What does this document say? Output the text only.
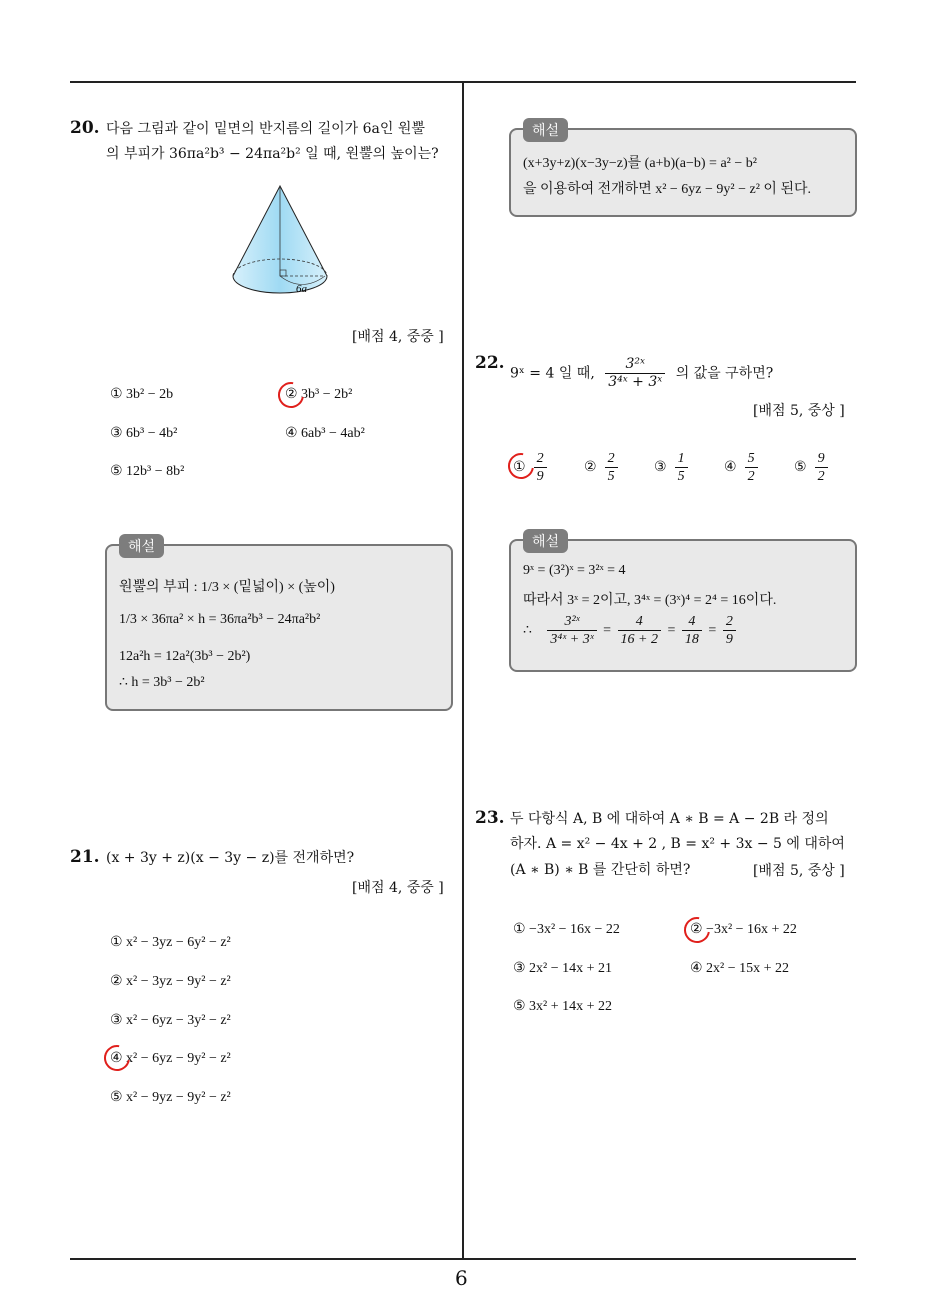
6
20. 다음 그림과 같이 밑면의 반지름의 길이가 6a인 원뿔
의 부피가 36πa²b³ − 24πa²b² 일 때, 원뿔의 높이는?
6a
[배점 4, 중중 ]
① 3b² − 2b	② 3b³ − 2b²
③ 6b³ − 4b²	④ 6ab³ − 4ab²
⑤ 12b³ − 8b²
해설
원뿔의 부피 : 1/3 × (밑넓이) × (높이)
1/3 × 36πa² × h = 36πa²b³ − 24πa²b²
12a²h = 12a²(3b³ − 2b²)
∴ h = 3b³ − 2b²
21. (x + 3y + z)(x − 3y − z)를 전개하면?
[배점 4, 중중 ]
① x² − 3yz − 6y² − z²
② x² − 3yz − 9y² − z²
③ x² − 6yz − 3y² − z²
④ x² − 6yz − 9y² − z²
⑤ x² − 9yz − 9y² − z²
해설
(x+3y+z)(x−3y−z)를 (a+b)(a−b) = a² − b²
을 이용하여 전개하면 x² − 6yz − 9y² − z² 이 된다.
22.
9ˣ = 4 일 때, $\frac{\text{3²ˣ}}{\text{3⁴ˣ + 3ˣ}}$ 의 값을 구하면?
[배점 5, 중상 ]
① $\frac{2}{9}$	② $\frac{2}{5}$	③ $\frac{1}{5}$	④ $\frac{5}{2}$	⑤ $\frac{9}{2}$
해설
9ˣ = (3²)ˣ = 3²ˣ = 4
따라서 3ˣ = 2이고, 3⁴ˣ = (3ˣ)⁴ = 2⁴ = 16이다.
∴ $\frac{\text{3²ˣ}}{\text{3⁴ˣ + 3ˣ}} = \frac{4}{16 + 2} = \frac{4}{18} = \frac{2}{9}$
23. 두 다항식 A, B 에 대하여 A ∗ B = A − 2B 라 정의
하자. A = x² − 4x + 2 , B = x² + 3x − 5 에 대하여
(A ∗ B) ∗ B 를 간단히 하면?	[배점 5, 중상 ]
① −3x² − 16x − 22	② −3x² − 16x + 22
③ 2x² − 14x + 21	④ 2x² − 15x + 22
⑤ 3x² + 14x + 22
